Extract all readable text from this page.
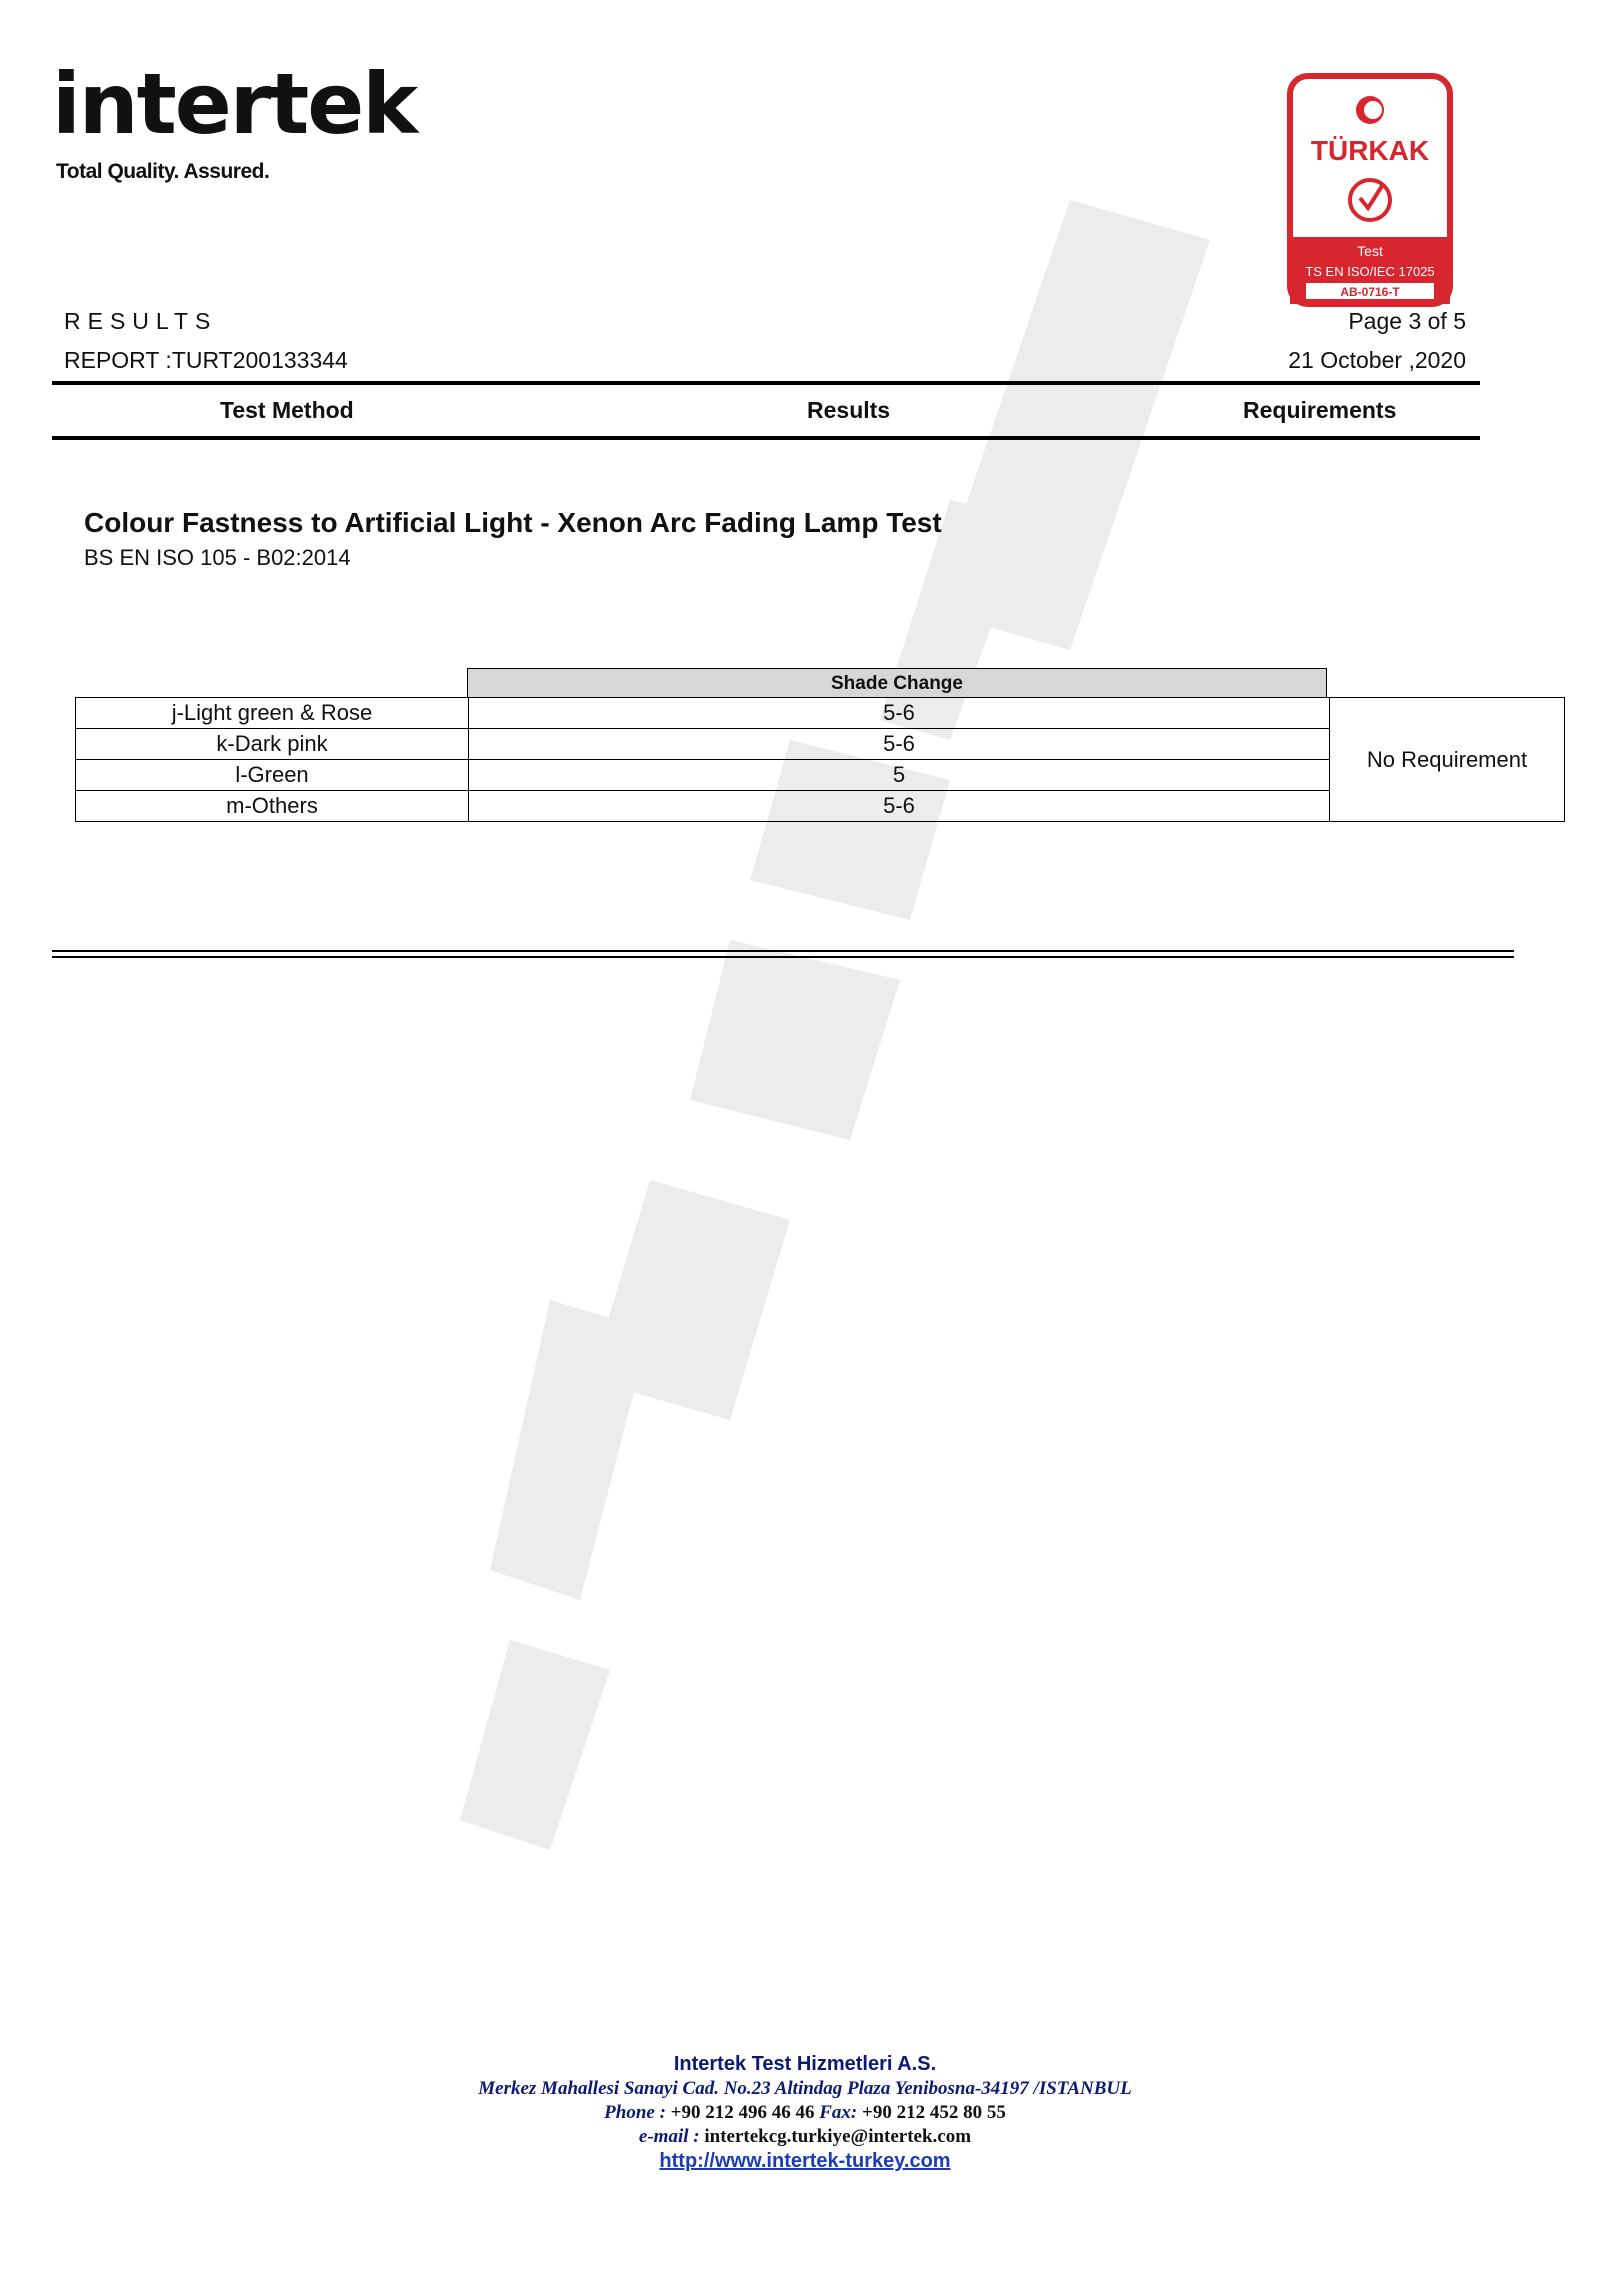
intertek
Total Quality. Assured.
TÜRKAK
Test
TS EN ISO/IEC 17025
AB-0716-T
RESULTS	Page 3 of 5
REPORT :TURT200133344	21 October ,2020
Test Method	Results	Requirements
Colour Fastness to Artificial Light - Xenon Arc Fading Lamp Test
BS EN ISO 105 - B02:2014
Shade Change
j-Light green & Rose	5-6	No Requirement
k-Dark pink	5-6	
l-Green	5	
m-Others	5-6	
Intertek Test Hizmetleri A.S.
Merkez Mahallesi Sanayi Cad. No.23 Altindag Plaza Yenibosna-34197 /ISTANBUL
Phone : +90 212 496 46 46 Fax: +90 212 452 80 55
e-mail : intertekcg.turkiye@intertek.com
http://www.intertek-turkey.com
